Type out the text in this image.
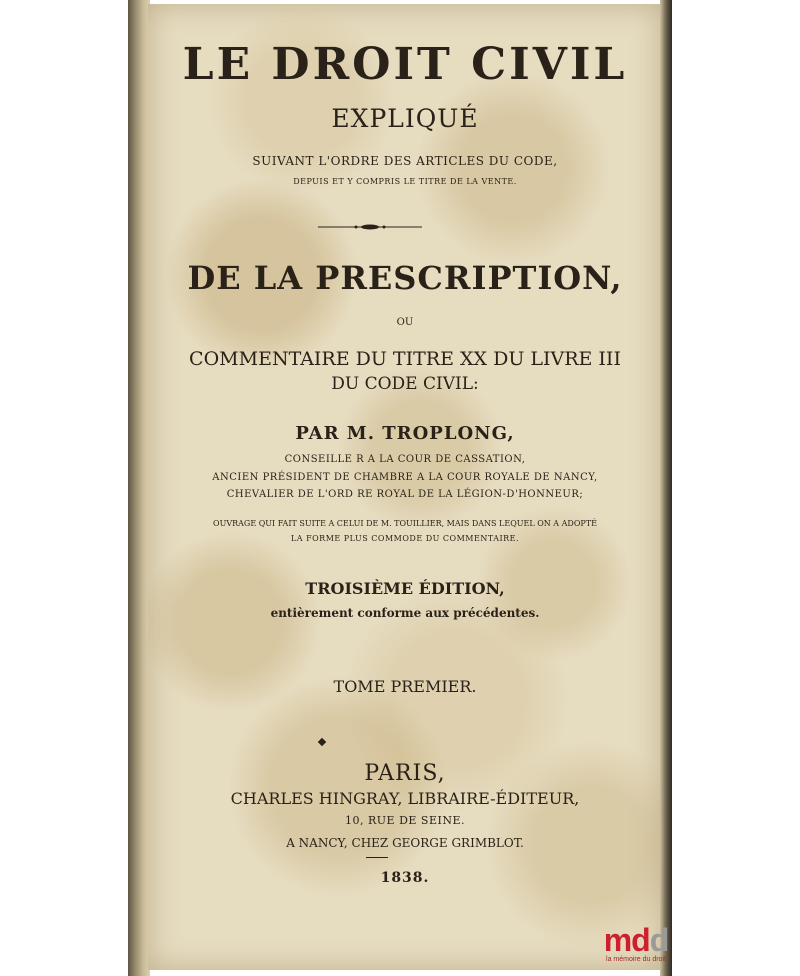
LE DROIT CIVIL

EXPLIQUÉ

SUIVANT L'ORDRE DES ARTICLES DU CODE,

DEPUIS ET Y COMPRIS LE TITRE DE LA VENTE.

DE LA PRESCRIPTION,

OU

COMMENTAIRE DU TITRE XX DU LIVRE III

DU CODE CIVIL:

PAR M. TROPLONG,

CONSEILLE R A LA COUR DE CASSATION,

ANCIEN PRÉSIDENT DE CHAMBRE A LA COUR ROYALE DE NANCY,

CHEVALIER DE L'ORD RE ROYAL DE LA LÉGION-D'HONNEUR;

OUVRAGE QUI FAIT SUITE A CELUI DE M. TOUILLIER, MAIS DANS LEQUEL ON A ADOPTÉ

LA FORME PLUS COMMODE DU COMMENTAIRE.

TROISIÈME ÉDITION,

entièrement conforme aux précédentes.

TOME PREMIER.

PARIS,

CHARLES HINGRAY, LIBRAIRE-ÉDITEUR,

10, RUE DE SEINE.

A NANCY, CHEZ GEORGE GRIMBLOT.

1838.

mdd
la mémoire du droit
